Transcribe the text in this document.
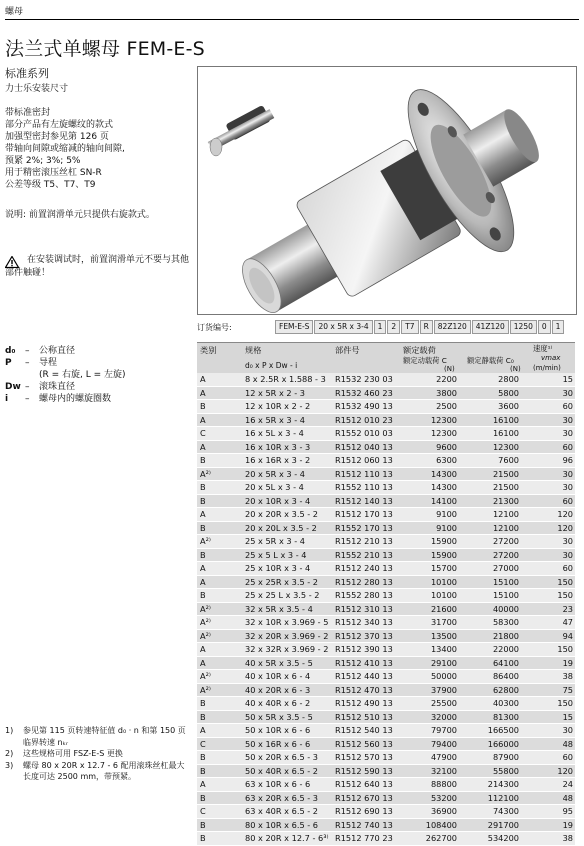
螺母
法兰式单螺母 FEM-E-S
标准系列
力士乐安装尺寸
带标准密封
部分产品有左旋螺纹的款式
加强型密封参见第 126 页
带轴向间隙或缩减的轴向间隙,
预紧 2%; 3%; 5%
用于精密滚压丝杠 SN-R
公差等级 T5、T7、T9
说明: 前置润滑单元只提供右旋款式。
在安装调试时，前置润滑单元不要与其他部件触碰！
订货编号:	FEM-E-S	20 x 5R x 3-4	1	2	T7	R	82Z120	41Z120	1250	0	1
d₀	–	公称直径
P	–	导程
(R = 右旋, L = 左旋)
Dw –	滚珠直径
i	–	螺母内的螺旋圈数
类别	规格
d₀ x P x Dw - i
部件号	额定载荷
额定动载荷 C
(N)
额定静载荷 C₀
(N)
速度¹⁾
vmax
(m/min)
A	8 x 2.5R x 1.588 - 3	R1532 230 03	2200	2800	15
A	12 x 5R x 2 - 3	R1532 460 23	3800	5800	30
B	12 x 10R x 2 - 2	R1532 490 13	2500	3600	60
A	16 x 5R x 3 - 4	R1512 010 23	12300	16100	30
C	16 x 5L x 3 - 4	R1552 010 03	12300	16100	30
A	16 x 10R x 3 - 3	R1512 040 13	9600	12300	60
B	16 x 16R x 3 - 2	R1512 060 13	6300	7600	96
A²⁾	20 x 5R x 3 - 4	R1512 110 13	14300	21500	30
B	20 x 5L x 3 - 4	R1552 110 13	14300	21500	30
B	20 x 10R x 3 - 4	R1512 140 13	14100	21300	60
A	20 x 20R x 3.5 - 2	R1512 170 13	9100	12100	120
B	20 x 20L x 3.5 - 2	R1552 170 13	9100	12100	120
A²⁾	25 x 5R x 3 - 4	R1512 210 13	15900	27200	30
B	25 x 5 L x 3 - 4	R1552 210 13	15900	27200	30
A	25 x 10R x 3 - 4	R1512 240 13	15700	27000	60
A	25 x 25R x 3.5 - 2	R1512 280 13	10100	15100	150
B	25 x 25 L x 3.5 - 2	R1552 280 13	10100	15100	150
A²⁾	32 x 5R x 3.5 - 4	R1512 310 13	21600	40000	23
A²⁾	32 x 10R x 3.969 - 5 R1512 340 13	31700	58300	47
A²⁾	32 x 20R x 3.969 - 2 R1512 370 13	13500	21800	94
A	32 x 32R x 3.969 - 2 R1512 390 13	13400	22000	150
A	40 x 5R x 3.5 - 5	R1512 410 13	29100	64100	19
A²⁾	40 x 10R x 6 - 4	R1512 440 13	50000	86400	38
A²⁾	40 x 20R x 6 - 3	R1512 470 13	37900	62800	75
B	40 x 40R x 6 - 2	R1512 490 13	25500	40300	150
B	50 x 5R x 3.5 - 5	R1512 510 13	32000	81300	15
A	50 x 10R x 6 - 6	R1512 540 13	79700	166500	30
C	50 x 16R x 6 - 6	R1512 560 13	79400	166000	48
B	50 x 20R x 6.5 - 3	R1512 570 13	47900	87900	60
B	50 x 40R x 6.5 - 2	R1512 590 13	32100	55800	120
A	63 x 10R x 6 - 6	R1512 640 13	88800	214300	24
B	63 x 20R x 6.5 - 3	R1512 670 13	53200	112100	48
C	63 x 40R x 6.5 - 2	R1512 690 13	36900	74300	95
B	80 x 10R x 6.5 - 6	R1512 740 13	108400	291700	19
B	80 x 20R x 12.7 - 6³⁾ R1512 770 23	262700	534200	38
1)	参见第 115 页转速特征值 d₀ · n 和第 150 页临界转速 nₖᵣ
2)	这些规格可用 FSZ-E-S 更换
3)	螺母 80 x 20R x 12.7 - 6 配用滚珠丝杠最大长度可达 2500 mm，带预紧。
